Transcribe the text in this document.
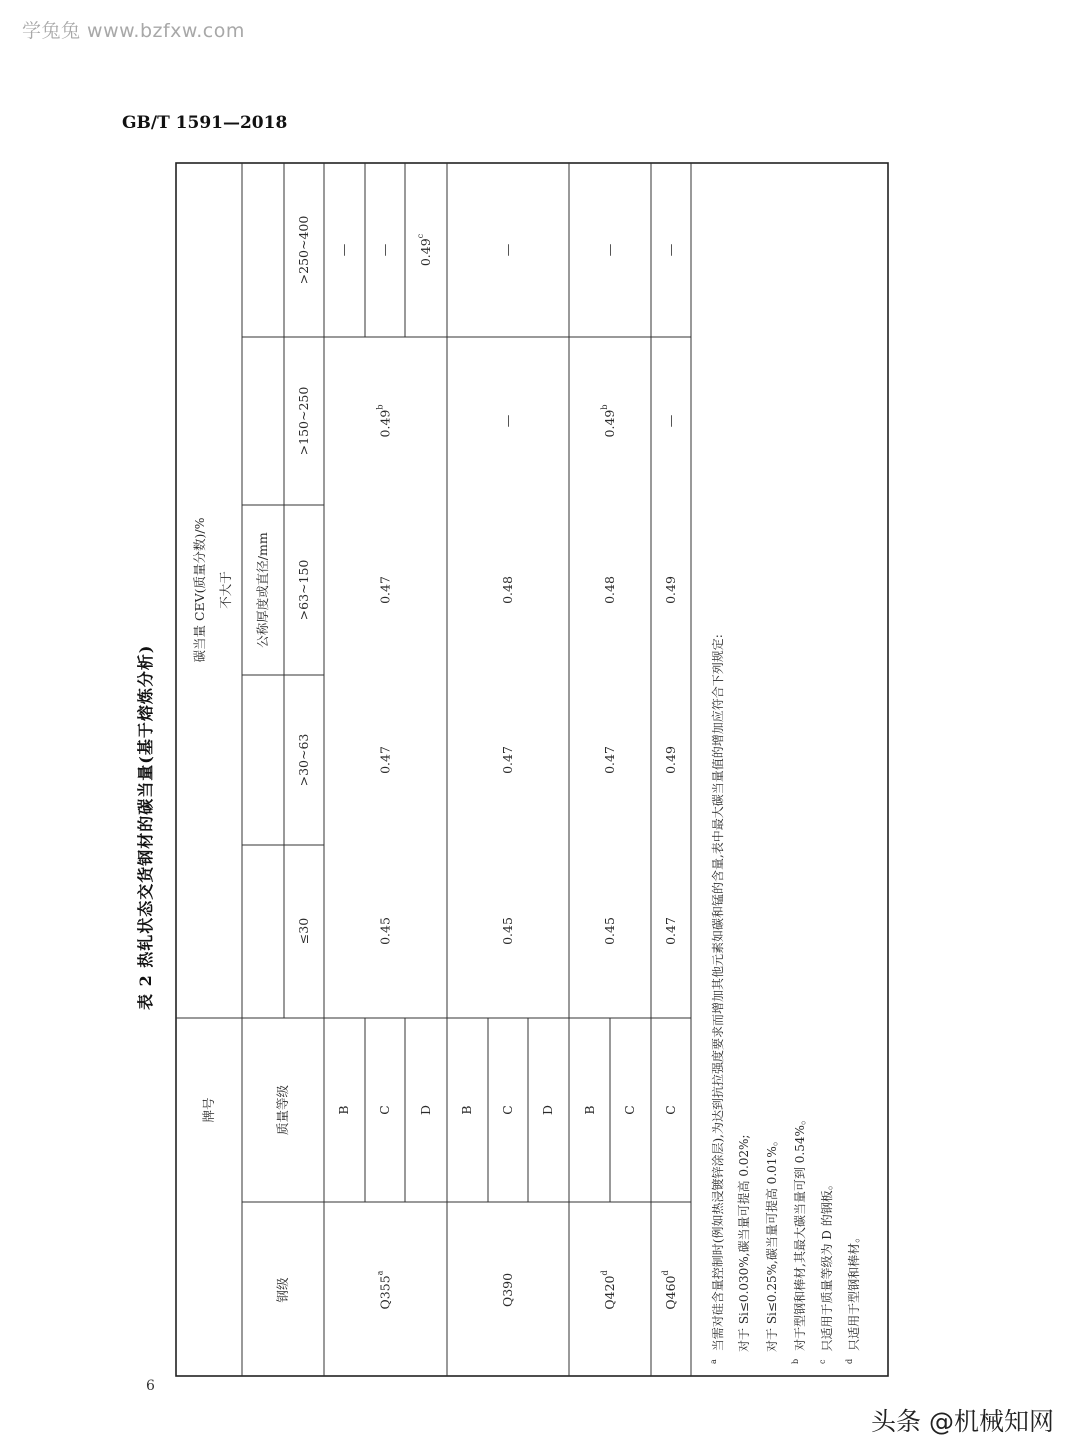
学兔兔 www.bzfxw.com
GB/T 1591—2018
表 2 热轧状态交货钢材的碳当量(基于熔炼分析)
牌号
钢级
质量等级
碳当量 CEV(质量分数)/% 不大于 公称厚度或直径/mm
≤30
>30~63
>63~150
>150~250
>250~400
Q355$^a$
B C D
0.45
0.47
0.47
0.49$^b$
— — 0.49$^c$
Q390
B C D
0.45
0.47
0.48
—
—
Q420$^d$
B C
0.45
0.47
0.48
0.49$^b$
—
Q460$^d$
C
0.47
0.49
0.49
—
—
$^a$当需对硅含量控制时(例如热浸镀锌涂层),为达到抗拉强度要求而增加其他元素如碳和锰的含量,表中最大碳当量值的增加应符合下列规定: 对于 Si≤0.030%,碳当量可提高 0.02%; 对于 Si≤0.25%,碳当量可提高 0.01%。
$^b$对于型钢和棒材,其最大碳当量可到 0.54%。
$^c$只适用于质量等级为 D 的钢板。
$^d$只适用于型钢和棒材。
6
头条 @机械知网
